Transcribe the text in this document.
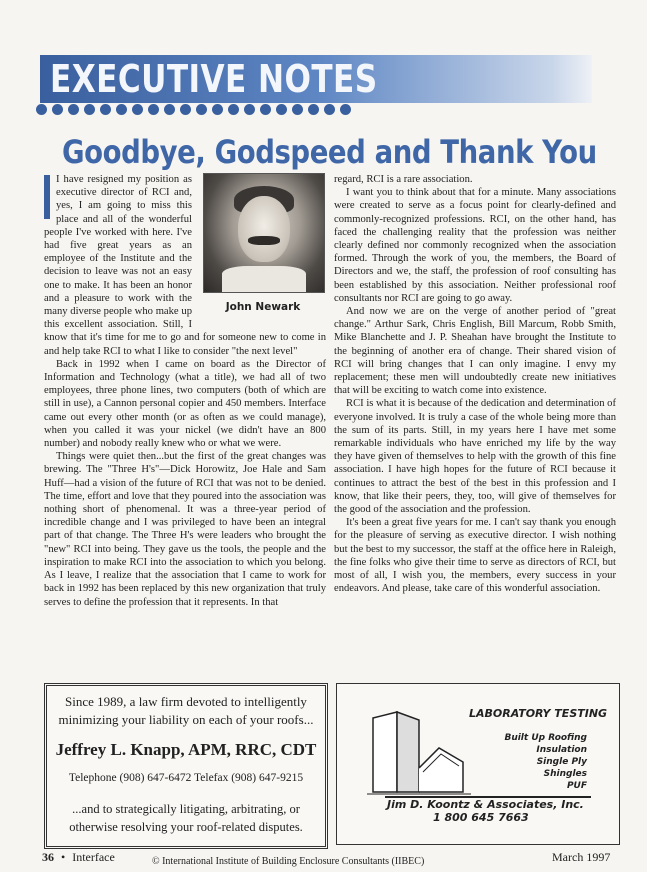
EXECUTIVE NOTES
Goodbye, Godspeed and Thank You
John Newark

I have resigned my position as executive director of RCI and, yes, I am going to miss this place and all of the wonderful people I've worked with here. I've had five great years as an employee of the Institute and the decision to leave was not an easy one to make. It has been an honor and a pleasure to work with the many diverse people who make up this excellent association. Still, I know that it's time for me to go and for someone new to come in and help take RCI to what I like to consider "the next level"

Back in 1992 when I came on board as the Director of Information and Technology (what a title), we had all of two employees, three phone lines, two computers (both of which are still in use), a Cannon personal copier and 450 members. Interface came out every other month (or as often as we could manage), when you called it was your nickel (we didn't have an 800 number) and nobody really knew who or what we were.

Things were quiet then...but the first of the great changes was brewing. The "Three H's"—Dick Horowitz, Joe Hale and Sam Huff—had a vision of the future of RCI that was not to be denied. The time, effort and love that they poured into the association was nothing short of phenomenal. It was a three-year period of incredible change and I was privileged to have been an integral part of that change. The Three H's were leaders who brought the "new" RCI into being. They gave us the tools, the people and the inspiration to make RCI into the association to which you belong. As I leave, I realize that the association that I came to work for back in 1992 has been replaced by this new organization that truly serves to define the profession that it represents. In that

regard, RCI is a rare association.

I want you to think about that for a minute. Many associations were created to serve as a focus point for clearly-defined and commonly-recognized professions. RCI, on the other hand, has faced the challenging reality that the profession was neither clearly defined nor commonly recognized when the association formed. Through the work of you, the members, the Board of Directors and we, the staff, the profession of roof consulting has been established by this association. Neither professional roof consultants nor RCI are going to go away.

And now we are on the verge of another period of "great change." Arthur Sark, Chris English, Bill Marcum, Robb Smith, Mike Blanchette and J. P. Sheahan have brought the Institute to the beginning of another era of change. Their shared vision of RCI will bring changes that I can only imagine. I envy my replacement; these men will undoubtedly create new initiatives that will be exciting to watch come into existence.

RCI is what it is because of the dedication and determination of everyone involved. It is truly a case of the whole being more than the sum of its parts. Still, in my years here I have met some remarkable individuals who have enriched my life by the way they have given of themselves to help with the growth of this fine association. I have high hopes for the future of RCI because it continues to attract the best of the best in this profession and I know, that like their peers, they, too, will give of themselves for the good of the association and the profession.

It's been a great five years for me. I can't say thank you enough for the pleasure of serving as executive director. I wish nothing but the best to my successor, the staff at the office here in Raleigh, the fine folks who give their time to serve as directors of RCI, but most of all, I wish you, the members, every success in your endeavors. And please, take care of this wonderful association.

Since 1989, a law firm devoted to intelligently
minimizing your liability on each of your roofs...
Jeffrey L. Knapp, APM, RRC, CDT
Telephone (908) 647-6472 Telefax (908) 647-9215
...and to strategically litigating, arbitrating, or
otherwise resolving your roof-related disputes.
LABORATORY TESTING
Built Up Roofing
Insulation
Single Ply
Shingles
PUF
Jim D. Koontz & Associates, Inc.
1 800 645 7663
36 • Interface	© International Institute of Building Enclosure Consultants (IIBEC)	March 1997
